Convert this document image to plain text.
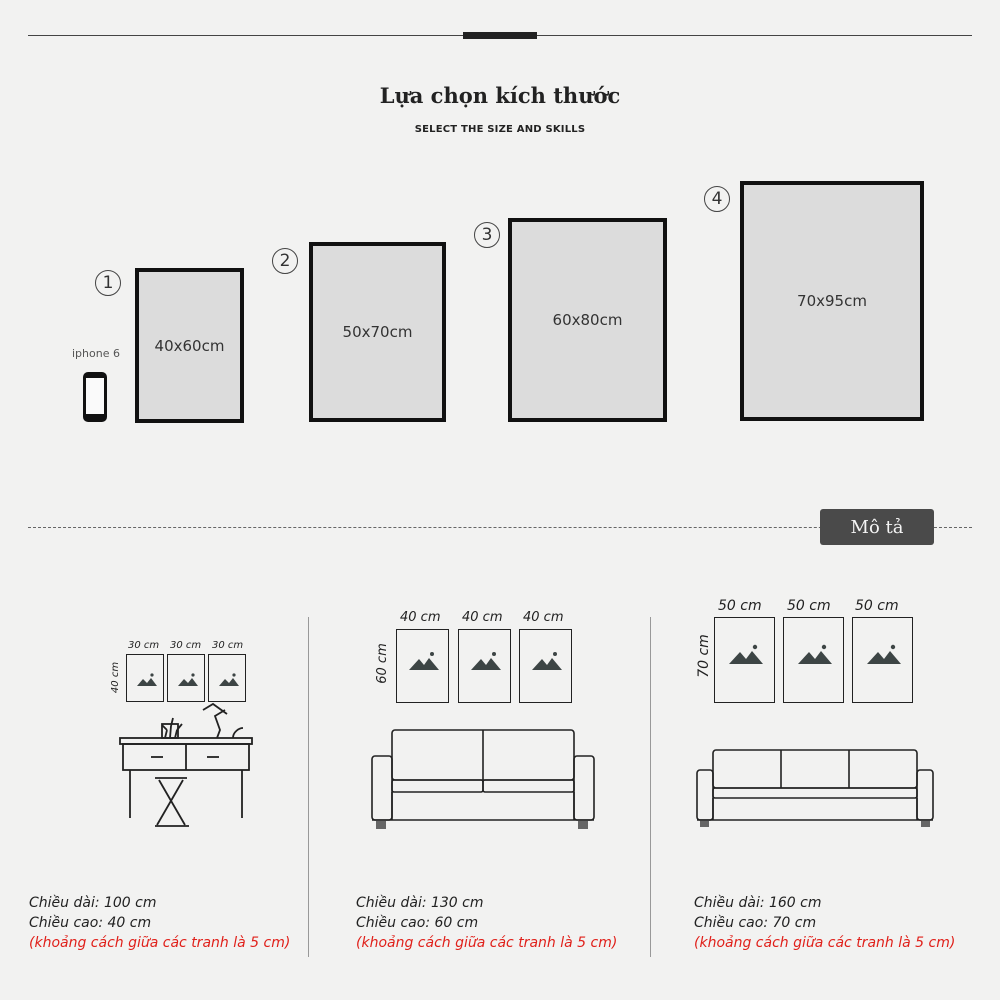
Lựa chọn kích thước
SELECT THE SIZE AND SKILLS
1
40x60cm
2
50x70cm
3
60x80cm
4
70x95cm
iphone 6
Mô tả
30 cm 30 cm 30 cm
40 cm
Chiều dài: 100 cm
Chiều cao: 40 cm
(khoảng cách giữa các tranh là 5 cm)
40 cm 40 cm 40 cm
60 cm
Chiều dài: 130 cm
Chiều cao: 60 cm
(khoảng cách giữa các tranh là 5 cm)
50 cm 50 cm 50 cm
70 cm
Chiều dài: 160 cm
Chiều cao: 70 cm
(khoảng cách giữa các tranh là 5 cm)
